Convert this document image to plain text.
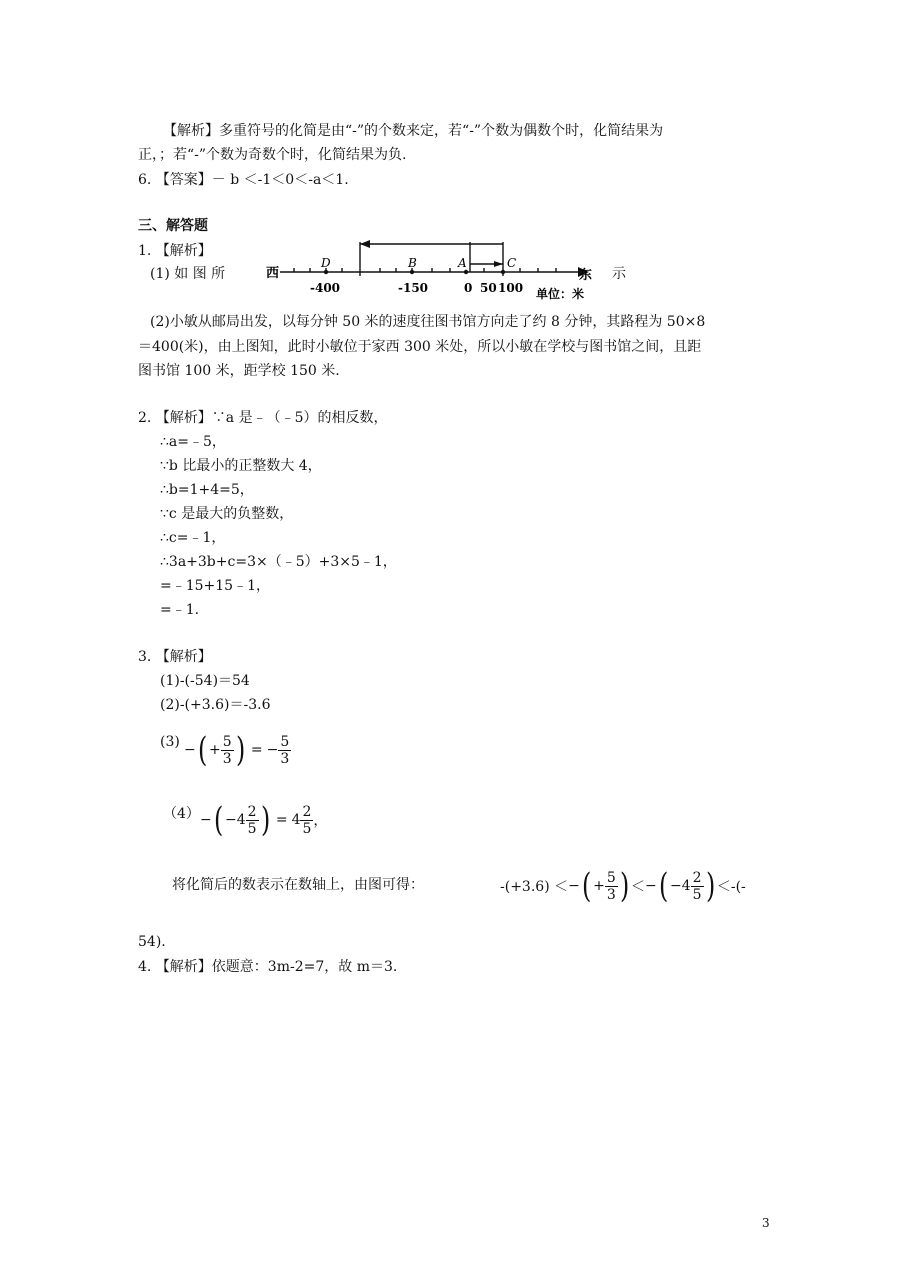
【解析】多重符号的化简是由“-”的个数来定，若“-”个数为偶数个时，化简结果为
正，；若“-”个数为奇数个时，化简结果为负.
6. 【答案】－ b ＜-1＜0＜-a＜1.
三、解答题
1. 【解析】
(1) 如 图 所	示
西	东
D	B	A	C
-400	-150	0 50 100 单位：米
(2)小敏从邮局出发，以每分钟 50 米的速度往图书馆方向走了约 8 分钟，其路程为 50×8
＝400(米)，由上图知，此时小敏位于家西 300 米处，所以小敏在学校与图书馆之间，且距
图书馆 100 米，距学校 150 米.
2. 【解析】∵a 是﹣（﹣5）的相反数，
∴a=﹣5，
∵b 比最小的正整数大 4，
∴b=1+4=5，
∵c 是最大的负整数，
∴c=﹣1，
∴3a+3b+c=3×（﹣5）+3×5﹣1，
=﹣15+15﹣1，
=﹣1.
3. 【解析】
(1)-(-54)＝54
(2)-(+3.6)＝-3.6
(3) − ( + $\frac{5}{3}$ ) = − $\frac{5}{3}$
（4） − ( $-4 \frac{2}{5}$ ) = $4 \frac{2}{5}$ ，
将化简后的数表示在数轴上，由图可得：	-(+3.6) ＜ − ( + $\frac{5}{3}$ ) ＜ − ( $-4 \frac{2}{5}$ ) ＜-(-
54).
4. 【解析】依题意：3m-2=7，故 m＝3.
3
